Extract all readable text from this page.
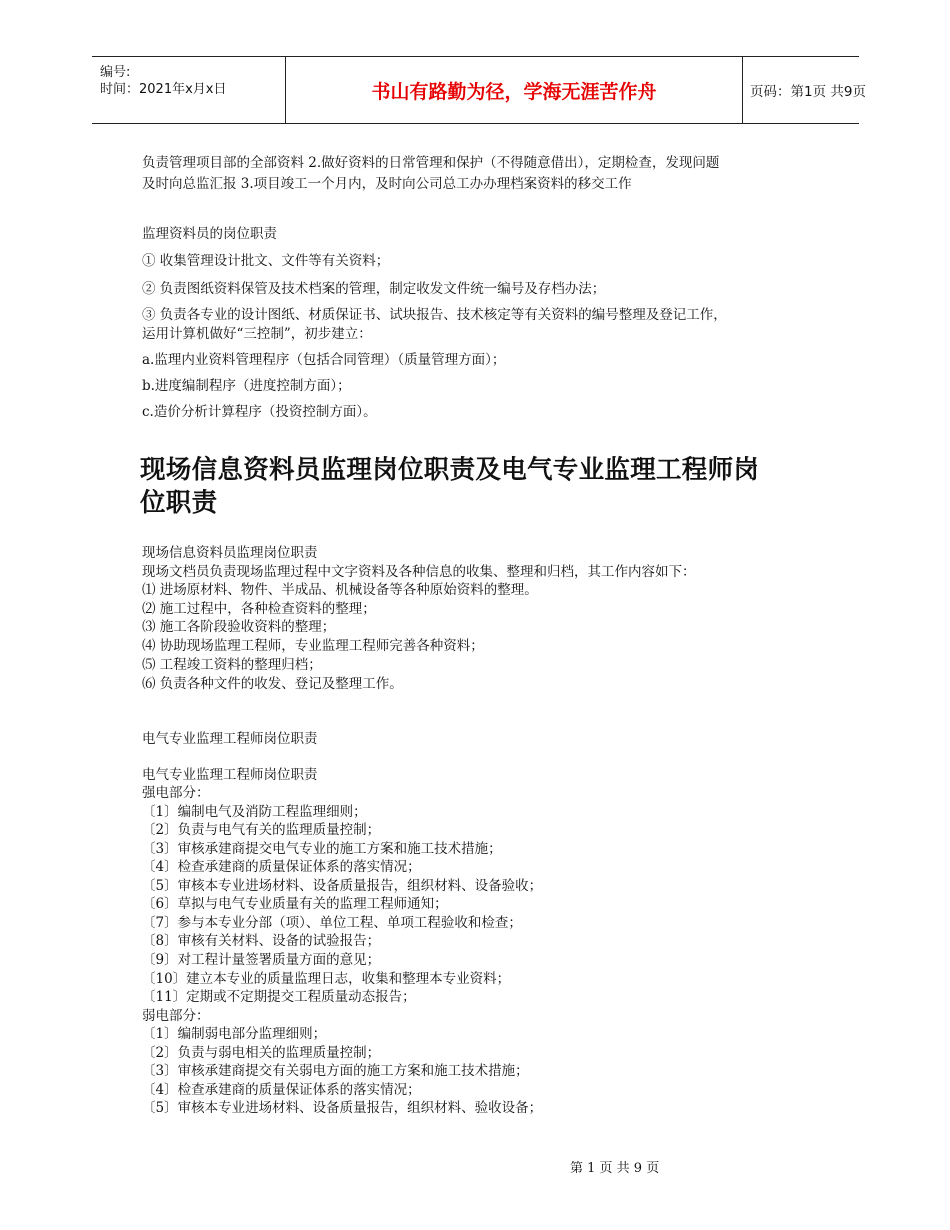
编号:
时间：2021年x月x日	书山有路勤为径，学海无涯苦作舟	页码：第1页 共9页
负责管理项目部的全部资料 2.做好资料的日常管理和保护（不得随意借出），定期检查，发现问题
及时向总监汇报 3.项目竣工一个月内，及时向公司总工办办理档案资料的移交工作
监理资料员的岗位职责
① 收集管理设计批文、文件等有关资料；
② 负责图纸资料保管及技术档案的管理，制定收发文件统一编号及存档办法；
③ 负责各专业的设计图纸、材质保证书、试块报告、技术核定等有关资料的编号整理及登记工作，
运用计算机做好“三控制”，初步建立：
a.监理内业资料管理程序（包括合同管理）（质量管理方面）；
b.进度编制程序（进度控制方面）；
c.造价分析计算程序（投资控制方面）。
现场信息资料员监理岗位职责及电气专业监理工程师岗
位职责
现场信息资料员监理岗位职责
现场文档员负责现场监理过程中文字资料及各种信息的收集、整理和归档，其工作内容如下：
⑴ 进场原材料、物件、半成品、机械设备等各种原始资料的整理。
⑵ 施工过程中，各种检查资料的整理；
⑶ 施工各阶段验收资料的整理；
⑷ 协助现场监理工程师，专业监理工程师完善各种资料；
⑸ 工程竣工资料的整理归档；
⑹ 负责各种文件的收发、登记及整理工作。
电气专业监理工程师岗位职责
电气专业监理工程师岗位职责
强电部分：
〔1〕编制电气及消防工程监理细则；
〔2〕负责与电气有关的监理质量控制；
〔3〕审核承建商提交电气专业的施工方案和施工技术措施；
〔4〕检查承建商的质量保证体系的落实情况；
〔5〕审核本专业进场材料、设备质量报告，组织材料、设备验收；
〔6〕草拟与电气专业质量有关的监理工程师通知；
〔7〕参与本专业分部（项）、单位工程、单项工程验收和检查；
〔8〕审核有关材料、设备的试验报告；
〔9〕对工程计量签署质量方面的意见；
〔10〕建立本专业的质量监理日志，收集和整理本专业资料；
〔11〕定期或不定期提交工程质量动态报告；
弱电部分：
〔1〕编制弱电部分监理细则；
〔2〕负责与弱电相关的监理质量控制；
〔3〕审核承建商提交有关弱电方面的施工方案和施工技术措施；
〔4〕检查承建商的质量保证体系的落实情况；
〔5〕审核本专业进场材料、设备质量报告，组织材料、验收设备；
第 1 页 共 9 页
